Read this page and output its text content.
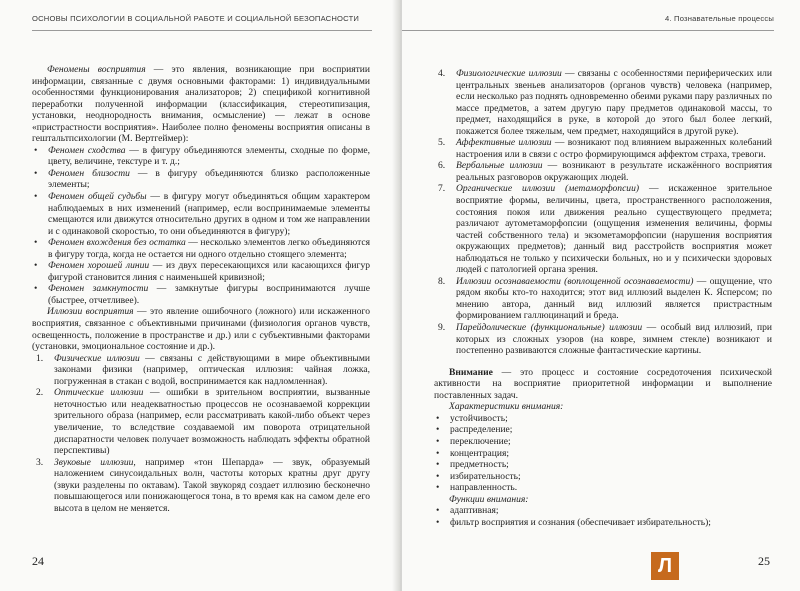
ОСНОВЫ ПСИХОЛОГИИ В СОЦИАЛЬНОЙ РАБОТЕ И СОЦИАЛЬНОЙ БЕЗОПАСНОСТИ

Феномены восприятия — это явления, возникающие при восприятии информации, связанные с двумя основными факторами: 1) индивидуальными особенностями функционирования анализаторов; 2) спецификой когнитивной переработки полученной информации (классификация, стереотипизация, установки, неоднородность внимания, осмысление) — лежат в основе «пристрастности восприятия». Наиболее полно феномены восприятия описаны в гештальтпсихологии (М. Вертгеймер):

•	Феномен сходства — в фигуру объединяются элементы, сходные по форме, цвету, величине, текстуре и т. д.;
•	Феномен близости — в фигуру объединяются близко расположенные элементы;
•	Феномен общей судьбы — в фигуру могут объединяться общим характером наблюдаемых в них изменений (например, если воспринимаемые элементы смещаются или движутся относительно других в одном и том же направлении и с одинаковой скоростью, то они объединяются в фигуру);
•	Феномен вхождения без остатка — несколько элементов легко объединяются в фигуру тогда, когда не остается ни одного отдельно стоящего элемента;
•	Феномен хорошей линии — из двух пересекающихся или касающихся фигур фигурой становится линия с наименьшей кривизной;
•	Феномен замкнутости — замкнутые фигуры воспринимаются лучше (быстрее, отчетливее).

Иллюзии восприятия — это явление ошибочного (ложного) или искаженного восприятия, связанное с объективными причинами (физиология органов чувств, освещенность, положение в пространстве и др.) или с субъективными факторами (установки, эмоциональное состояние и др.).

1.	Физические иллюзии — связаны с действующими в мире объективными законами физики (например, оптическая иллюзия: чайная ложка, погруженная в стакан с водой, воспринимается как надломленная).
2.	Оптические иллюзии — ошибки в зрительном восприятии, вызванные неточностью или неадекватностью процессов не осознаваемой коррекции зрительного образа (например, если рассматривать какой-либо объект через увеличение, то вследствие создаваемой им поворота отрицательной диспаратности человек получает возможность наблюдать эффекты обратной перспективы)
3.	Звуковые иллюзии, например «тон Шепарда» — звук, образуемый наложением синусоидальных волн, частоты которых кратны друг другу (звуки разделены по октавам). Такой звукоряд создает иллюзию бесконечно повышающегося или понижающегося тона, в то время как на самом деле его высота в целом не меняется.
24
4. Познавательные процессы
4.	Физиологические иллюзии — связаны с особенностями периферических или центральных звеньев анализаторов (органов чувств) человека (например, если несколько раз поднять одновременно обеими руками пару различных по массе предметов, а затем другую пару предметов одинаковой массы, то предмет, находящийся в руке, в которой до этого был более легкий, покажется более тяжелым, чем предмет, находящийся в другой руке).
5.	Аффективные иллюзии — возникают под влиянием выраженных колебаний настроения или в связи с остро формирующимся аффектом страха, тревоги.
6.	Вербальные иллюзии — возникают в результате искажённого восприятия реальных разговоров окружающих людей.
7.	Органические иллюзии (метаморфопсии) — искаженное зрительное восприятие формы, величины, цвета, пространственного расположения, состояния покоя или движения реально существующего предмета; различают аутометаморфопсии (ощущения изменения величины, формы частей собственного тела) и экзометаморфопсии (нарушения восприятия окружающих предметов); данный вид расстройств восприятия может наблюдаться не только у психически больных, но и у психически здоровых людей с патологией органа зрения.
8.	Иллюзии осознаваемости (воплощенной осознаваемости) — ощущение, что рядом якобы кто-то находится; этот вид иллюзий выделен К. Ясперсом; по мнению автора, данный вид иллюзий является пристрастным формированием галлюцинаций и бреда.
9.	Парейдолические (функциональные) иллюзии — особый вид иллюзий, при которых из сложных узоров (на ковре, зимнем стекле) возникают и постепенно развиваются сложные фантастические картины.

Внимание — это процесс и состояние сосредоточения психической активности на восприятие приоритетной информации и выполнение поставленных задач.

Характеристики внимания:

•	устойчивость;
•	распределение;
•	переключение;
•	концентрация;
•	предметность;
•	избирательность;
•	направленность.

Функции внимания:

•	адаптивная;
•	фильтр восприятия и сознания (обеспечивает избирательность);
25
Л
